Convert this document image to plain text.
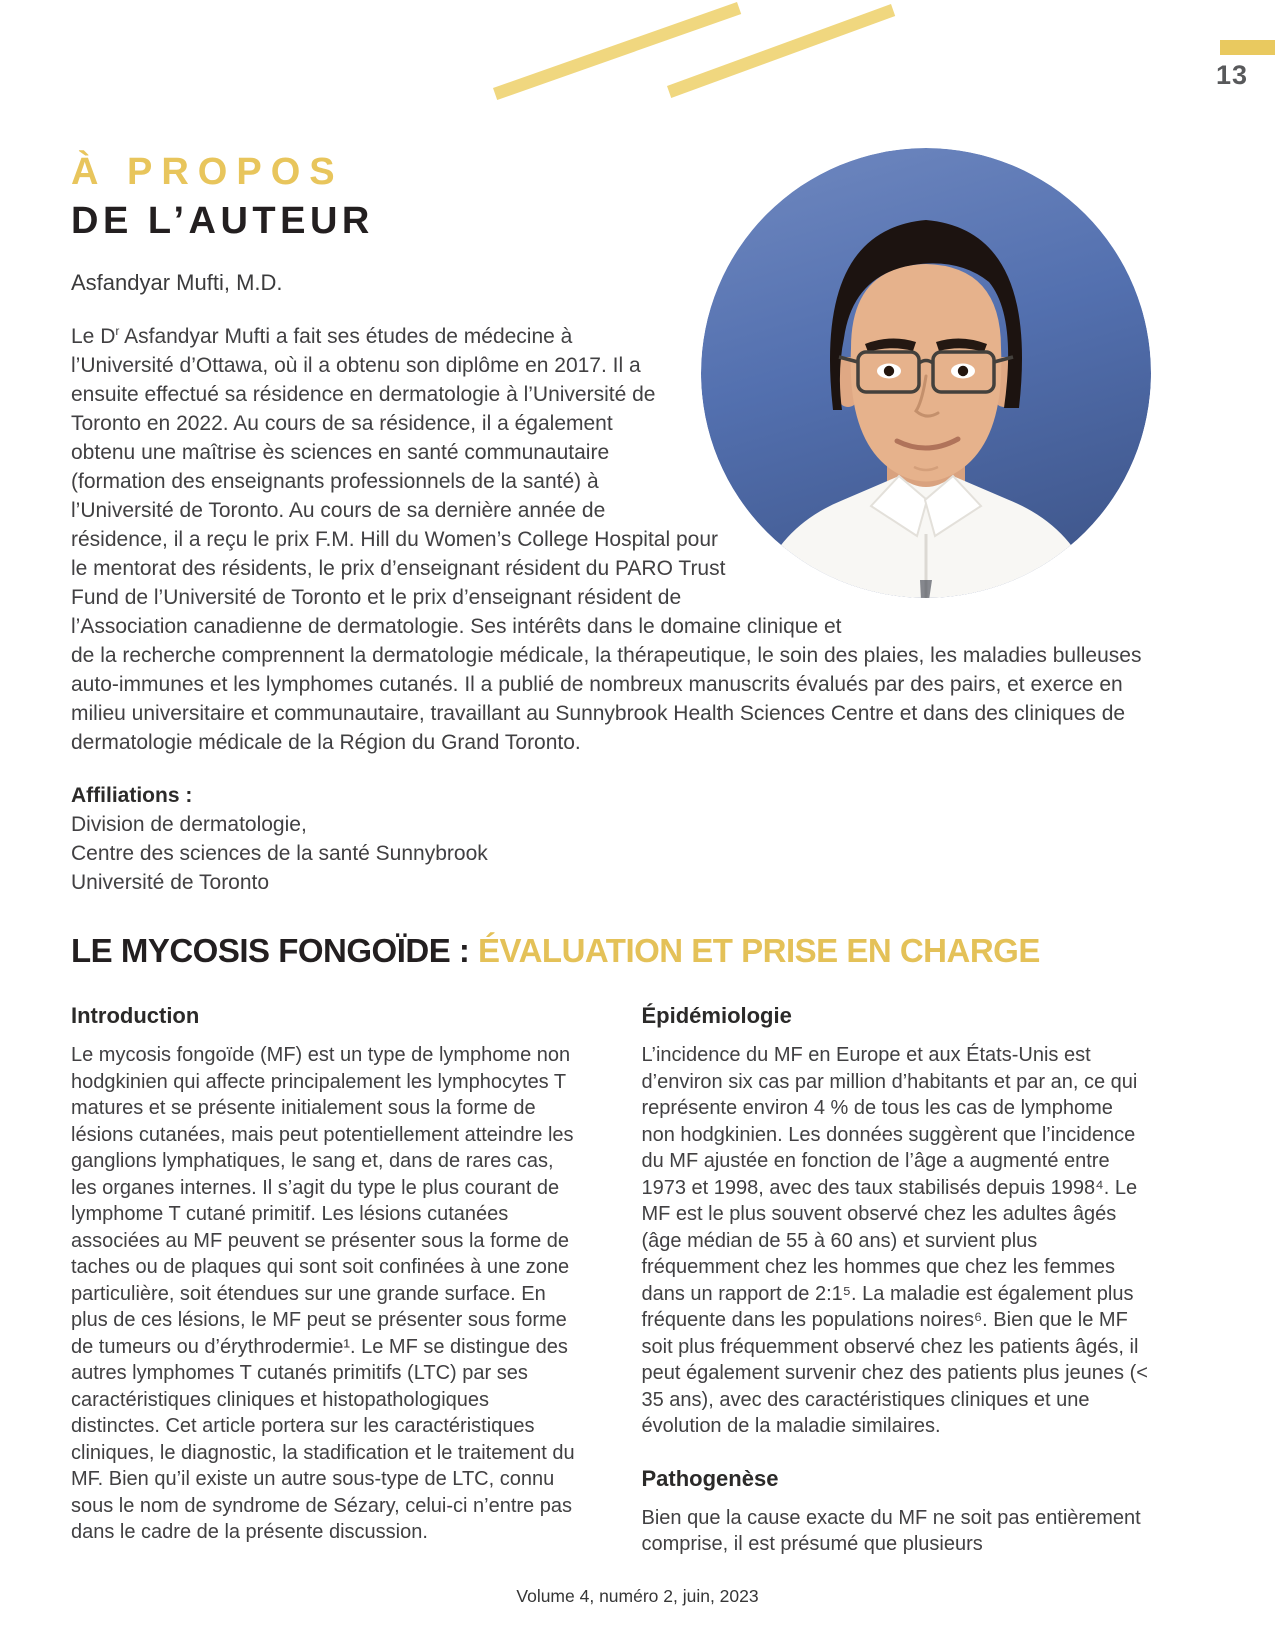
13
À PROPOS
DE L’AUTEUR

Asfandyar Mufti, M.D.

Le $D^r$ Asfandyar Mufti a fait ses études de médecine à l’Université d’Ottawa, où il a obtenu son diplôme en 2017. Il a ensuite effectué sa résidence en dermatologie à l’Université de Toronto en 2022. Au cours de sa résidence, il a également obtenu une maîtrise ès sciences en santé communautaire (formation des enseignants professionnels de la santé) à l’Université de Toronto. Au cours de sa dernière année de résidence, il a reçu le prix F.M. Hill du Women’s College Hospital pour le mentorat des résidents, le prix d’enseignant résident du PARO Trust Fund de l’Université de Toronto et le prix d’enseignant résident de l’Association canadienne de dermatologie. Ses intérêts dans le domaine clinique et de la recherche comprennent la dermatologie médicale, la thérapeutique, le soin des plaies, les maladies bulleuses auto-immunes et les lymphomes cutanés. Il a publié de nombreux manuscrits évalués par des pairs, et exerce en milieu universitaire et communautaire, travaillant au Sunnybrook Health Sciences Centre et dans des cliniques de dermatologie médicale de la Région du Grand Toronto.

Affiliations :

Division de dermatologie,

Centre des sciences de la santé Sunnybrook

Université de Toronto

LE MYCOSIS FONGOÏDE : ÉVALUATION ET PRISE EN CHARGE
Introduction

Le mycosis fongoïde (MF) est un type de lymphome non hodgkinien qui affecte principalement les lymphocytes T matures et se présente initialement sous la forme de lésions cutanées, mais peut potentiellement atteindre les ganglions lymphatiques, le sang et, dans de rares cas, les organes internes. Il s’agit du type le plus courant de lymphome T cutané primitif. Les lésions cutanées associées au MF peuvent se présenter sous la forme de taches ou de plaques qui sont soit confinées à une zone particulière, soit étendues sur une grande surface. En plus de ces lésions, le MF peut se présenter sous forme de tumeurs ou d’érythrodermie¹. Le MF se distingue des autres lymphomes T cutanés primitifs (LTC) par ses caractéristiques cliniques et histopathologiques distinctes. Cet article portera sur les caractéristiques cliniques, le diagnostic, la stadification et le traitement du MF. Bien qu’il existe un autre sous-type de LTC, connu sous le nom de syndrome de Sézary, celui-ci n’entre pas dans le cadre de la présente discussion.

Épidémiologie

L’incidence du MF en Europe et aux États-Unis est d’environ six cas par million d’habitants et par an, ce qui représente environ 4 % de tous les cas de lymphome non hodgkinien. Les données suggèrent que l’incidence du MF ajustée en fonction de l’âge a augmenté entre 1973 et 1998, avec des taux stabilisés depuis 1998⁴. Le MF est le plus souvent observé chez les adultes âgés (âge médian de 55 à 60 ans) et survient plus fréquemment chez les hommes que chez les femmes dans un rapport de 2:1⁵. La maladie est également plus fréquente dans les populations noires⁶. Bien que le MF soit plus fréquemment observé chez les patients âgés, il peut également survenir chez des patients plus jeunes (< 35 ans), avec des caractéristiques cliniques et une évolution de la maladie similaires.

Pathogenèse

Bien que la cause exacte du MF ne soit pas entièrement comprise, il est présumé que plusieurs

Volume 4, numéro 2, juin, 2023
